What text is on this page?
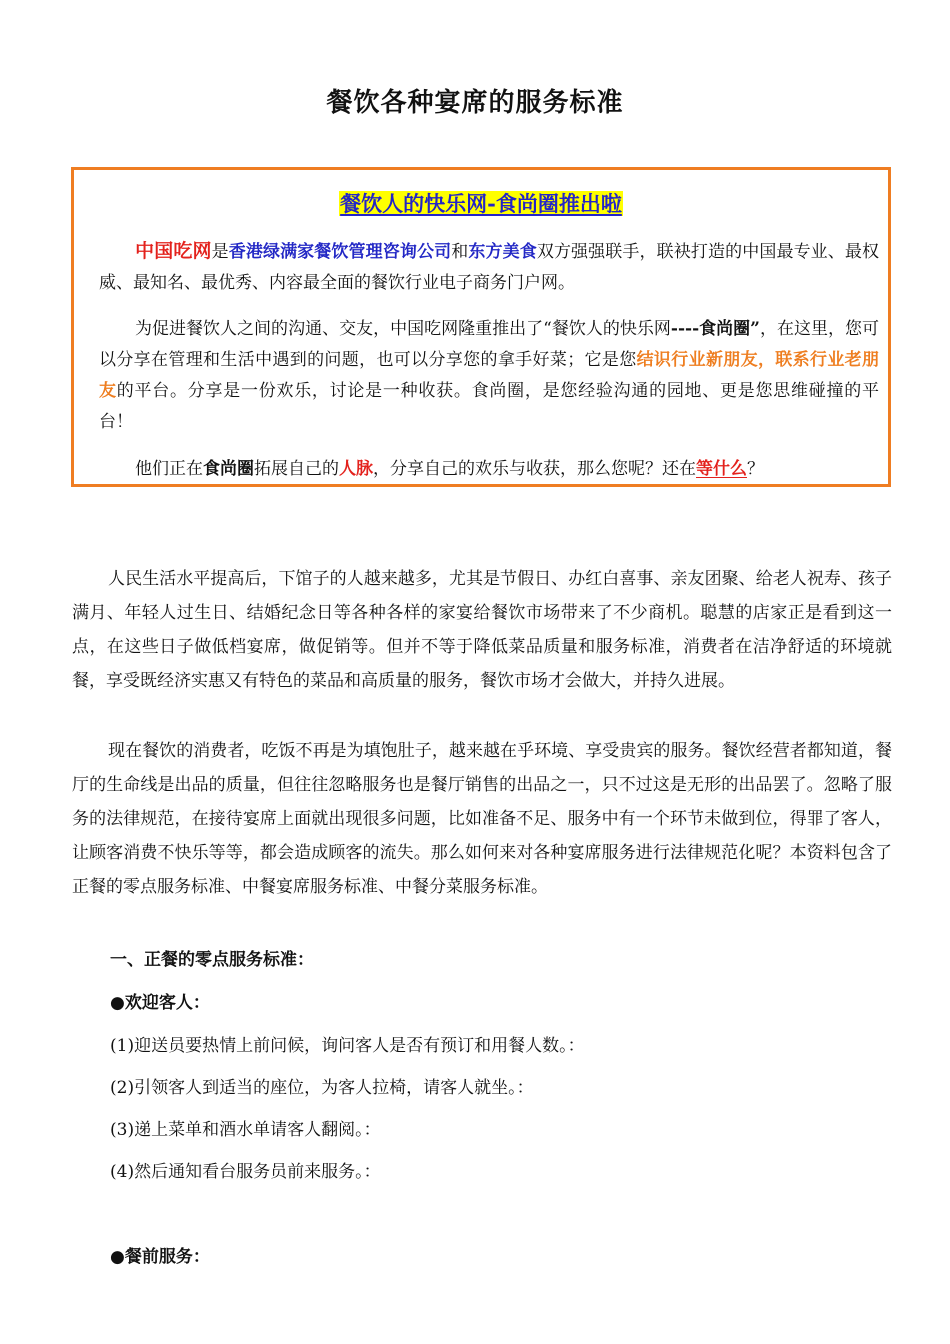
餐饮各种宴席的服务标准
餐饮人的快乐网-食尚圈推出啦

中国吃网是香港绿满家餐饮管理咨询公司和东方美食双方强强联手，联袂打造的中国最专业、最权威、最知名、最优秀、内容最全面的餐饮行业电子商务门户网。

为促进餐饮人之间的沟通、交友，中国吃网隆重推出了“餐饮人的快乐网----食尚圈”，在这里，您可以分享在管理和生活中遇到的问题，也可以分享您的拿手好菜；它是您结识行业新朋友，联系行业老朋友的平台。分享是一份欢乐，讨论是一种收获。食尚圈，是您经验沟通的园地、更是您思维碰撞的平台！

他们正在食尚圈拓展自己的人脉，分享自己的欢乐与收获，那么您呢？还在等什么？

人民生活水平提高后，下馆子的人越来越多，尤其是节假日、办红白喜事、亲友团聚、给老人祝寿、孩子满月、年轻人过生日、结婚纪念日等各种各样的家宴给餐饮市场带来了不少商机。聪慧的店家正是看到这一点，在这些日子做低档宴席，做促销等。但并不等于降低菜品质量和服务标准，消费者在洁净舒适的环境就餐，享受既经济实惠又有特色的菜品和高质量的服务，餐饮市场才会做大，并持久进展。

现在餐饮的消费者，吃饭不再是为填饱肚子，越来越在乎环境、享受贵宾的服务。餐饮经营者都知道，餐厅的生命线是出品的质量，但往往忽略服务也是餐厅销售的出品之一，只不过这是无形的出品罢了。忽略了服务的法律规范，在接待宴席上面就出现很多问题，比如准备不足、服务中有一个环节未做到位，得罪了客人，让顾客消费不快乐等等，都会造成顾客的流失。那么如何来对各种宴席服务进行法律规范化呢？本资料包含了正餐的零点服务标准、中餐宴席服务标准、中餐分菜服务标准。

一、正餐的零点服务标准：
●欢迎客人：
(1)迎送员要热情上前问候，询问客人是否有预订和用餐人数。：
(2)引领客人到适当的座位，为客人拉椅，请客人就坐。：
(3)递上菜单和酒水单请客人翻阅。：
(4)然后通知看台服务员前来服务。：
●餐前服务：
